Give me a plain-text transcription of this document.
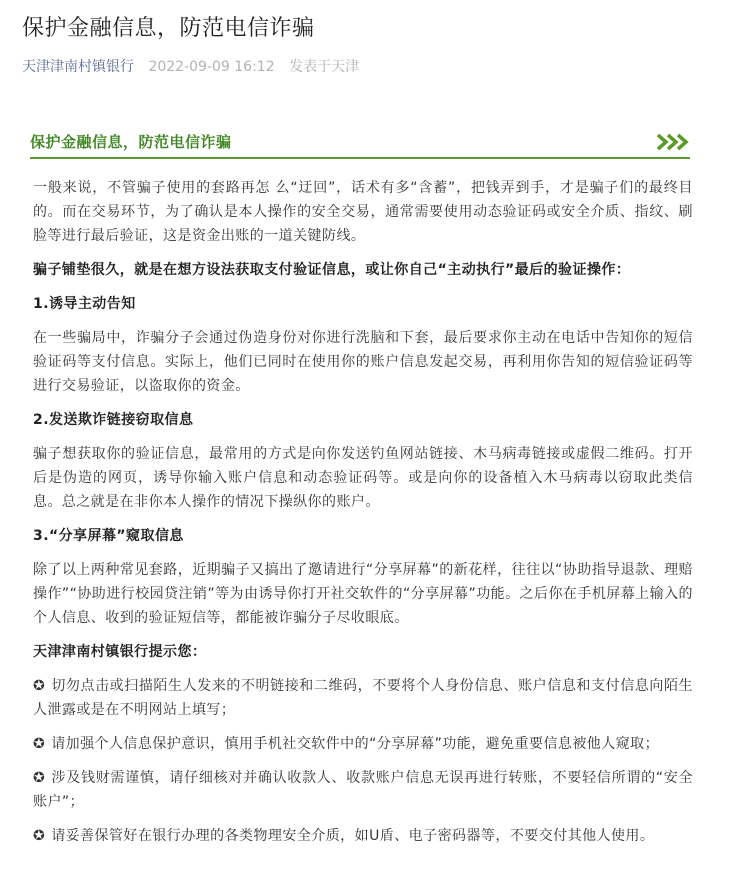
保护金融信息，防范电信诈骗
天津津南村镇银行 2022-09-09 16:12 发表于天津
保护金融信息，防范电信诈骗

一般来说，不管骗子使用的套路再怎 么“迂回”，话术有多“含蓄”，把钱弄到手，才是骗子们的最终目的。而在交易环节，为了确认是本人操作的安全交易，通常需要使用动态验证码或安全介质、指纹、刷脸等进行最后验证，这是资金出账的一道关键防线。

骗子铺垫很久，就是在想方设法获取支付验证信息，或让你自己“主动执行”最后的验证操作：

1.诱导主动告知

在一些骗局中，诈骗分子会通过伪造身份对你进行洗脑和下套，最后要求你主动在电话中告知你的短信验证码等支付信息。实际上，他们已同时在使用你的账户信息发起交易，再利用你告知的短信验证码等进行交易验证，以盗取你的资金。

2.发送欺诈链接窃取信息

骗子想获取你的验证信息，最常用的方式是向你发送钓鱼网站链接、木马病毒链接或虚假二维码。打开后是伪造的网页，诱导你输入账户信息和动态验证码等。或是向你的设备植入木马病毒以窃取此类信息。总之就是在非你本人操作的情况下操纵你的账户。

3.“分享屏幕”窥取信息

除了以上两种常见套路，近期骗子又搞出了邀请进行“分享屏幕”的新花样，往往以“协助指导退款、理赔操作”“协助进行校园贷注销”等为由诱导你打开社交软件的“分享屏幕”功能。之后你在手机屏幕上输入的个人信息、收到的验证短信等，都能被诈骗分子尽收眼底。

天津津南村镇银行提示您：

✪ 切勿点击或扫描陌生人发来的不明链接和二维码，不要将个人身份信息、账户信息和支付信息向陌生人泄露或是在不明网站上填写；

✪ 请加强个人信息保护意识，慎用手机社交软件中的“分享屏幕”功能，避免重要信息被他人窥取；

✪ 涉及钱财需谨慎，请仔细核对并确认收款人、收款账户信息无误再进行转账，不要轻信所谓的“安全账户”；

✪ 请妥善保管好在银行办理的各类物理安全介质，如U盾、电子密码器等，不要交付其他人使用。
